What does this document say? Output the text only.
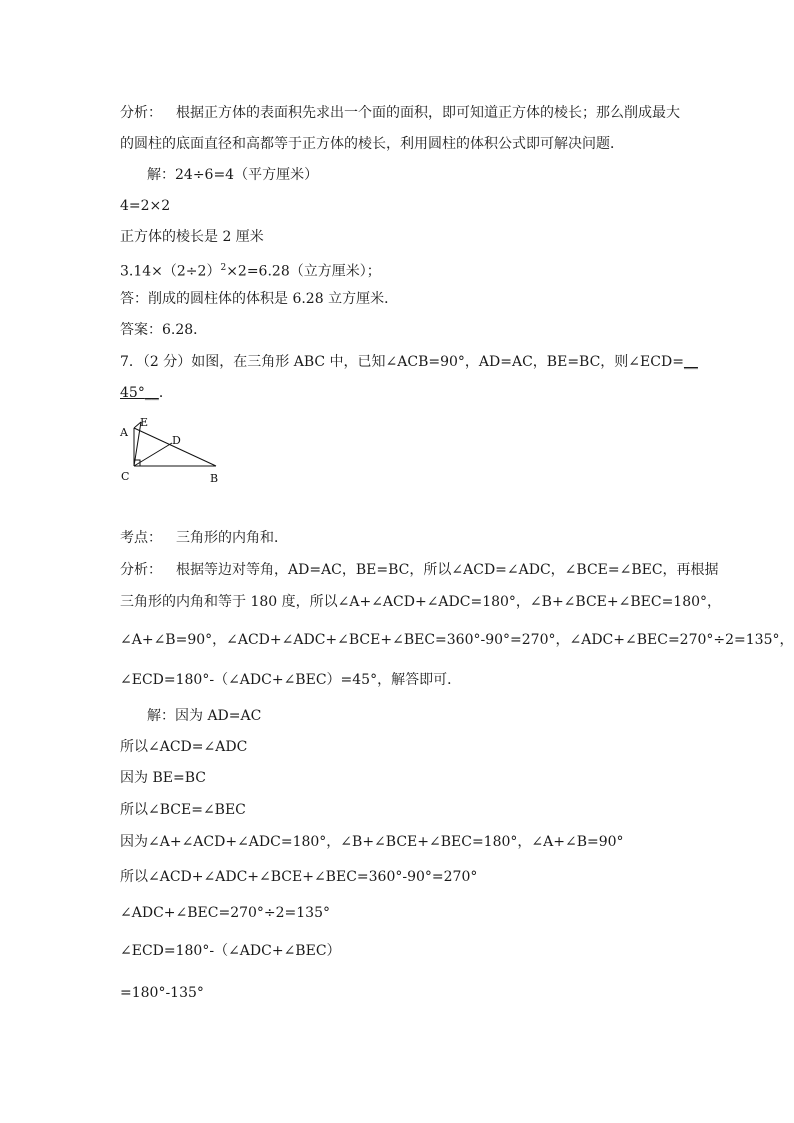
分析： 根据正方体的表面积先求出一个面的面积，即可知道正方体的棱长；那么削成最大
的圆柱的底面直径和高都等于正方体的棱长，利用圆柱的体积公式即可解决问题．
解：24÷6=4（平方厘米）
4=2×2
正方体的棱长是 2 厘米
$3.14\times(2\div 2)^2\times 2=6.28$（立方厘米）；
答：削成的圆柱体的体积是 6.28 立方厘米．
答案：6.28．
7．（2 分）如图，在三角形 ABC 中，已知∠ACB=90°，AD=AC，BE=BC，则∠ECD=__
45°__．
A
E
D
C	B
考点： 三角形的内角和．
分析： 根据等边对等角，AD=AC，BE=BC，所以∠ACD=∠ADC，∠BCE=∠BEC，再根据
三角形的内角和等于 180 度，所以∠A+∠ACD+∠ADC=180°，∠B+∠BCE+∠BEC=180°，
∠A+∠B=90°，∠ACD+∠ADC+∠BCE+∠BEC=360°-90°=270°，∠ADC+∠BEC=270°÷2=135°，
∠ECD=180°-（∠ADC+∠BEC）=45°，解答即可．
解：因为 AD=AC
所以∠ACD=∠ADC
因为 BE=BC
所以∠BCE=∠BEC
因为∠A+∠ACD+∠ADC=180°，∠B+∠BCE+∠BEC=180°，∠A+∠B=90°
所以∠ACD+∠ADC+∠BCE+∠BEC=360°-90°=270°
∠ADC+∠BEC=270°÷2=135°
∠ECD=180°-（∠ADC+∠BEC）
=180°-135°
